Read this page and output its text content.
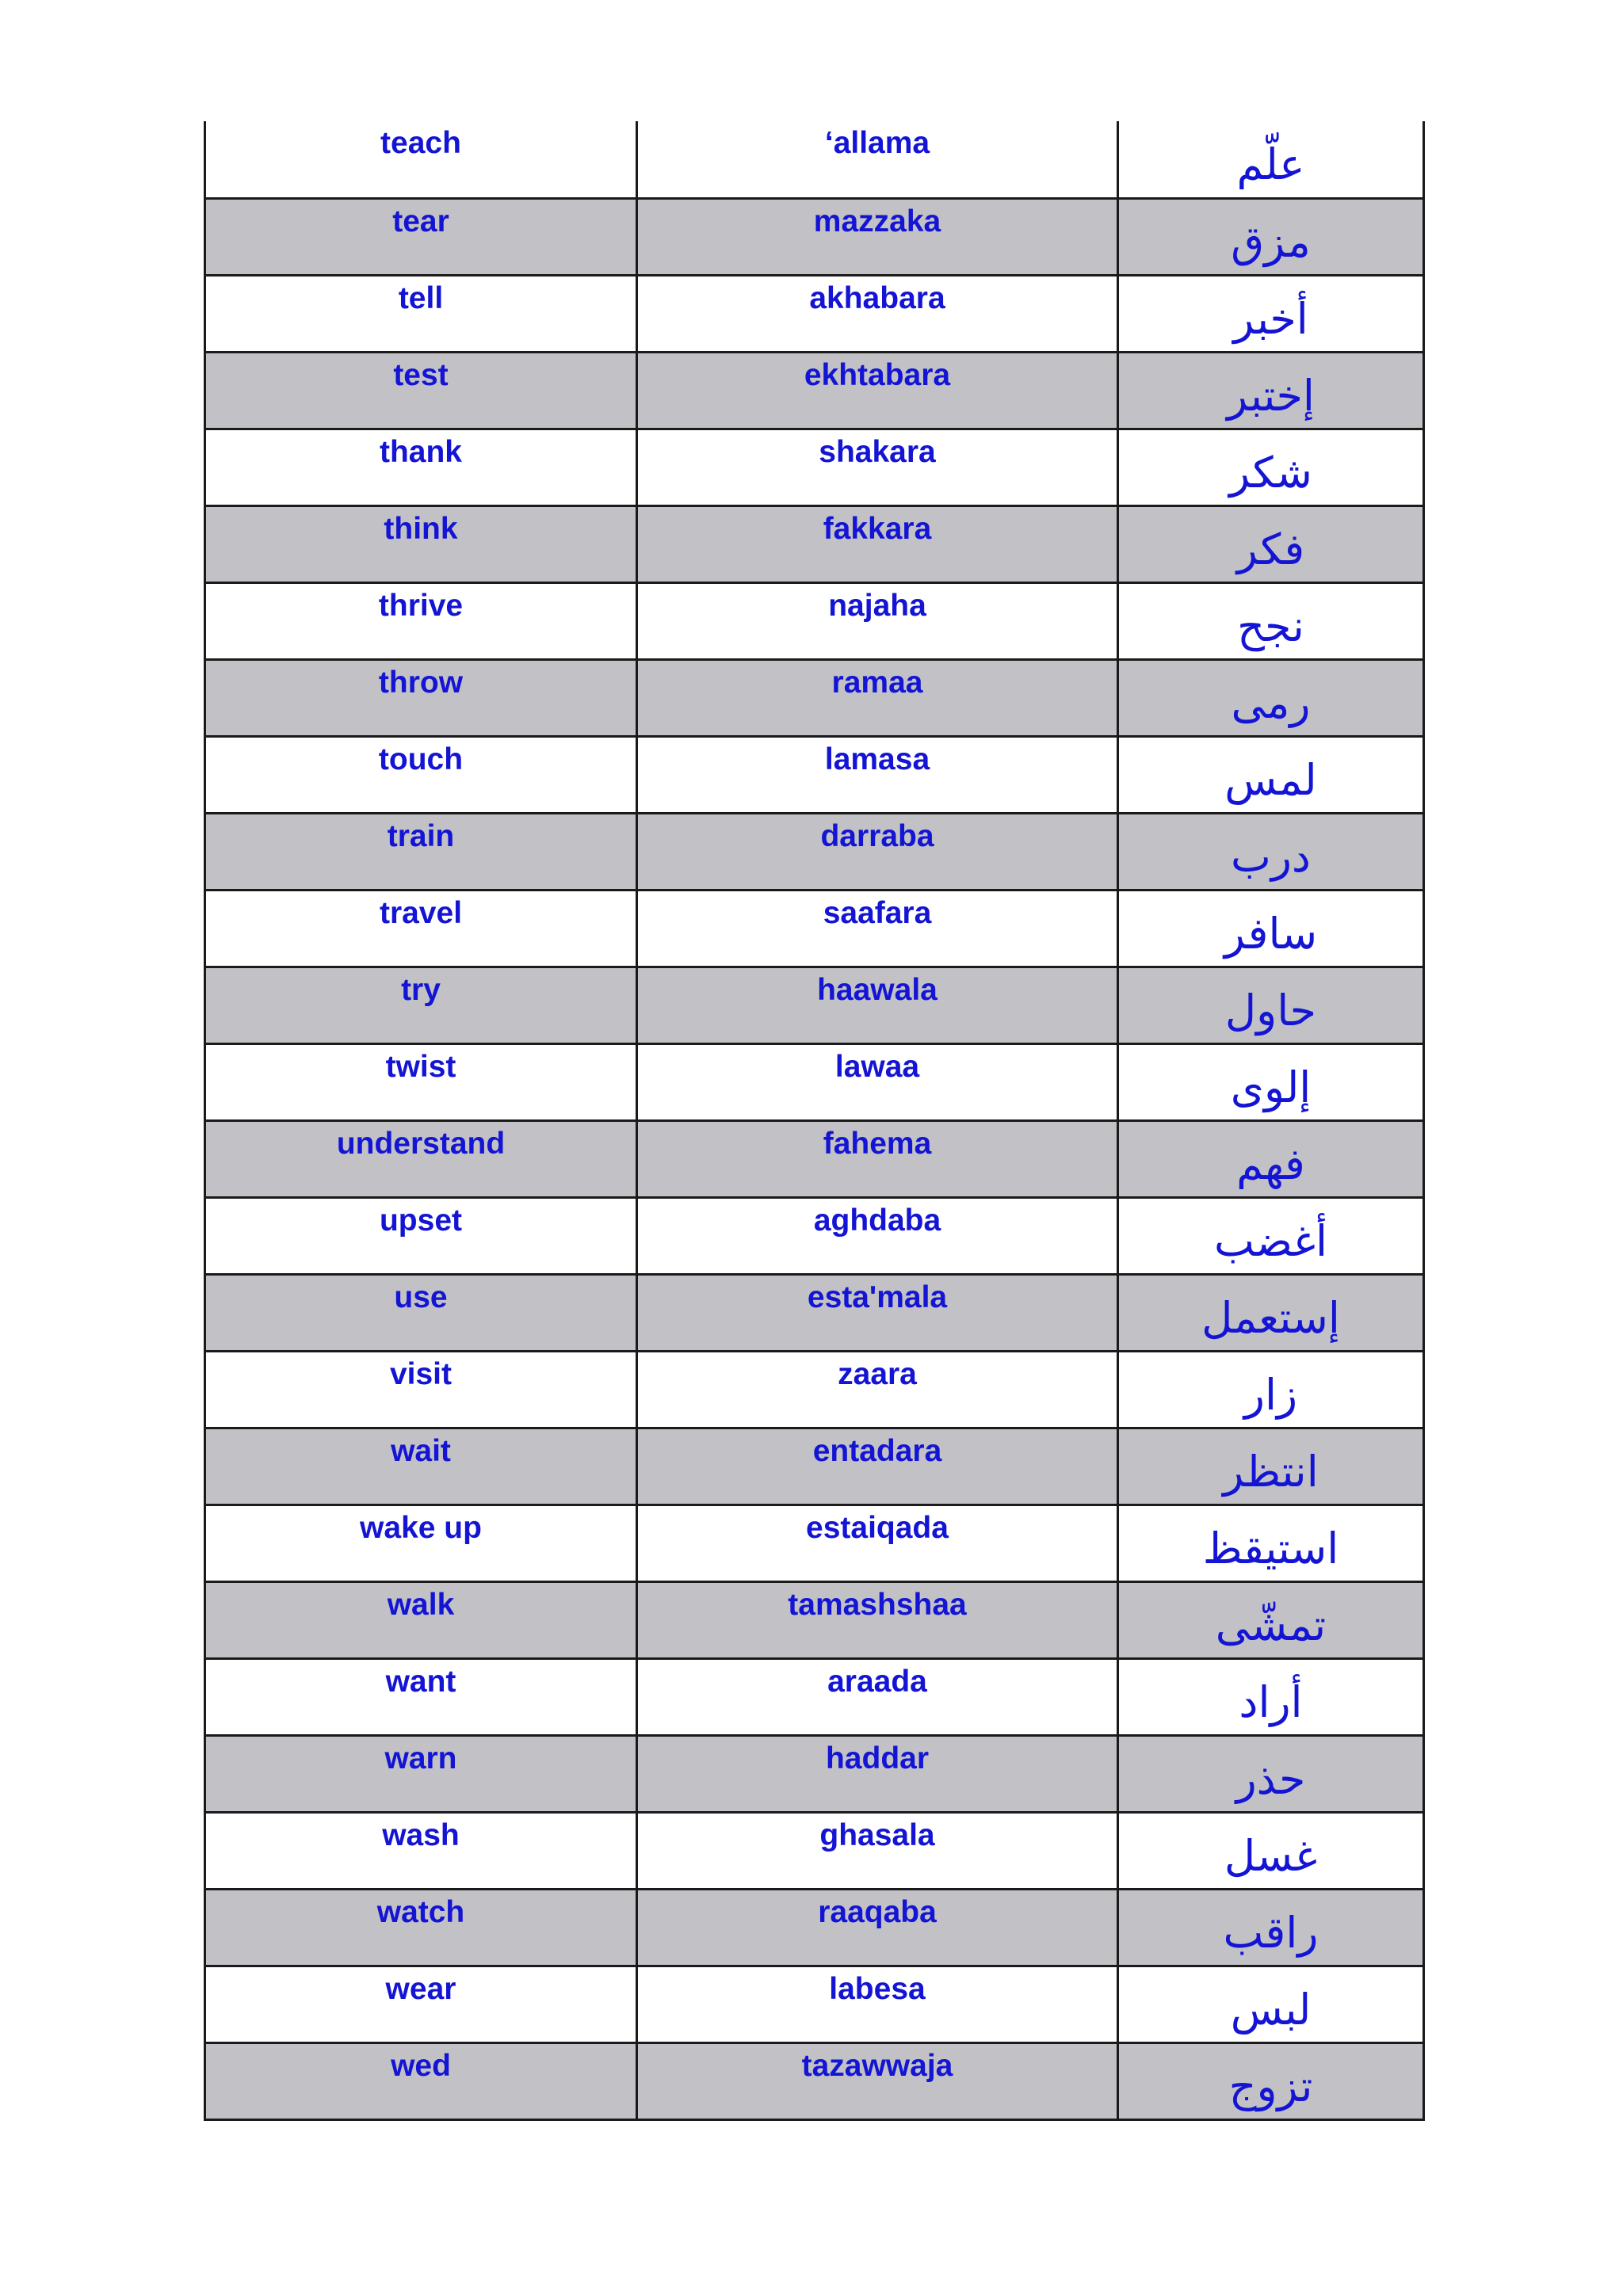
teach	‘allama	علّم
tear	mazzaka	مزق
tell	akhabara	أخبر
test	ekhtabara	إختبر
thank	shakara	شكر
think	fakkara	فكر
thrive	najaha	نجح
throw	ramaa	رمى
touch	lamasa	لمس
train	darraba	درب
travel	saafara	سافر
try	haawala	حاول
twist	lawaa	إلوى
understand	fahema	فهم
upset	aghdaba	أغضب
use	esta'mala	إستعمل
visit	zaara	زار
wait	entadara	انتظر
wake up	estaiqada	استيقظ
walk	tamashshaa	تمشّى
want	araada	أراد
warn	haddar	حذر
wash	ghasala	غسل
watch	raaqaba	راقب
wear	labesa	لبس
wed	tazawwaja	تزوج
